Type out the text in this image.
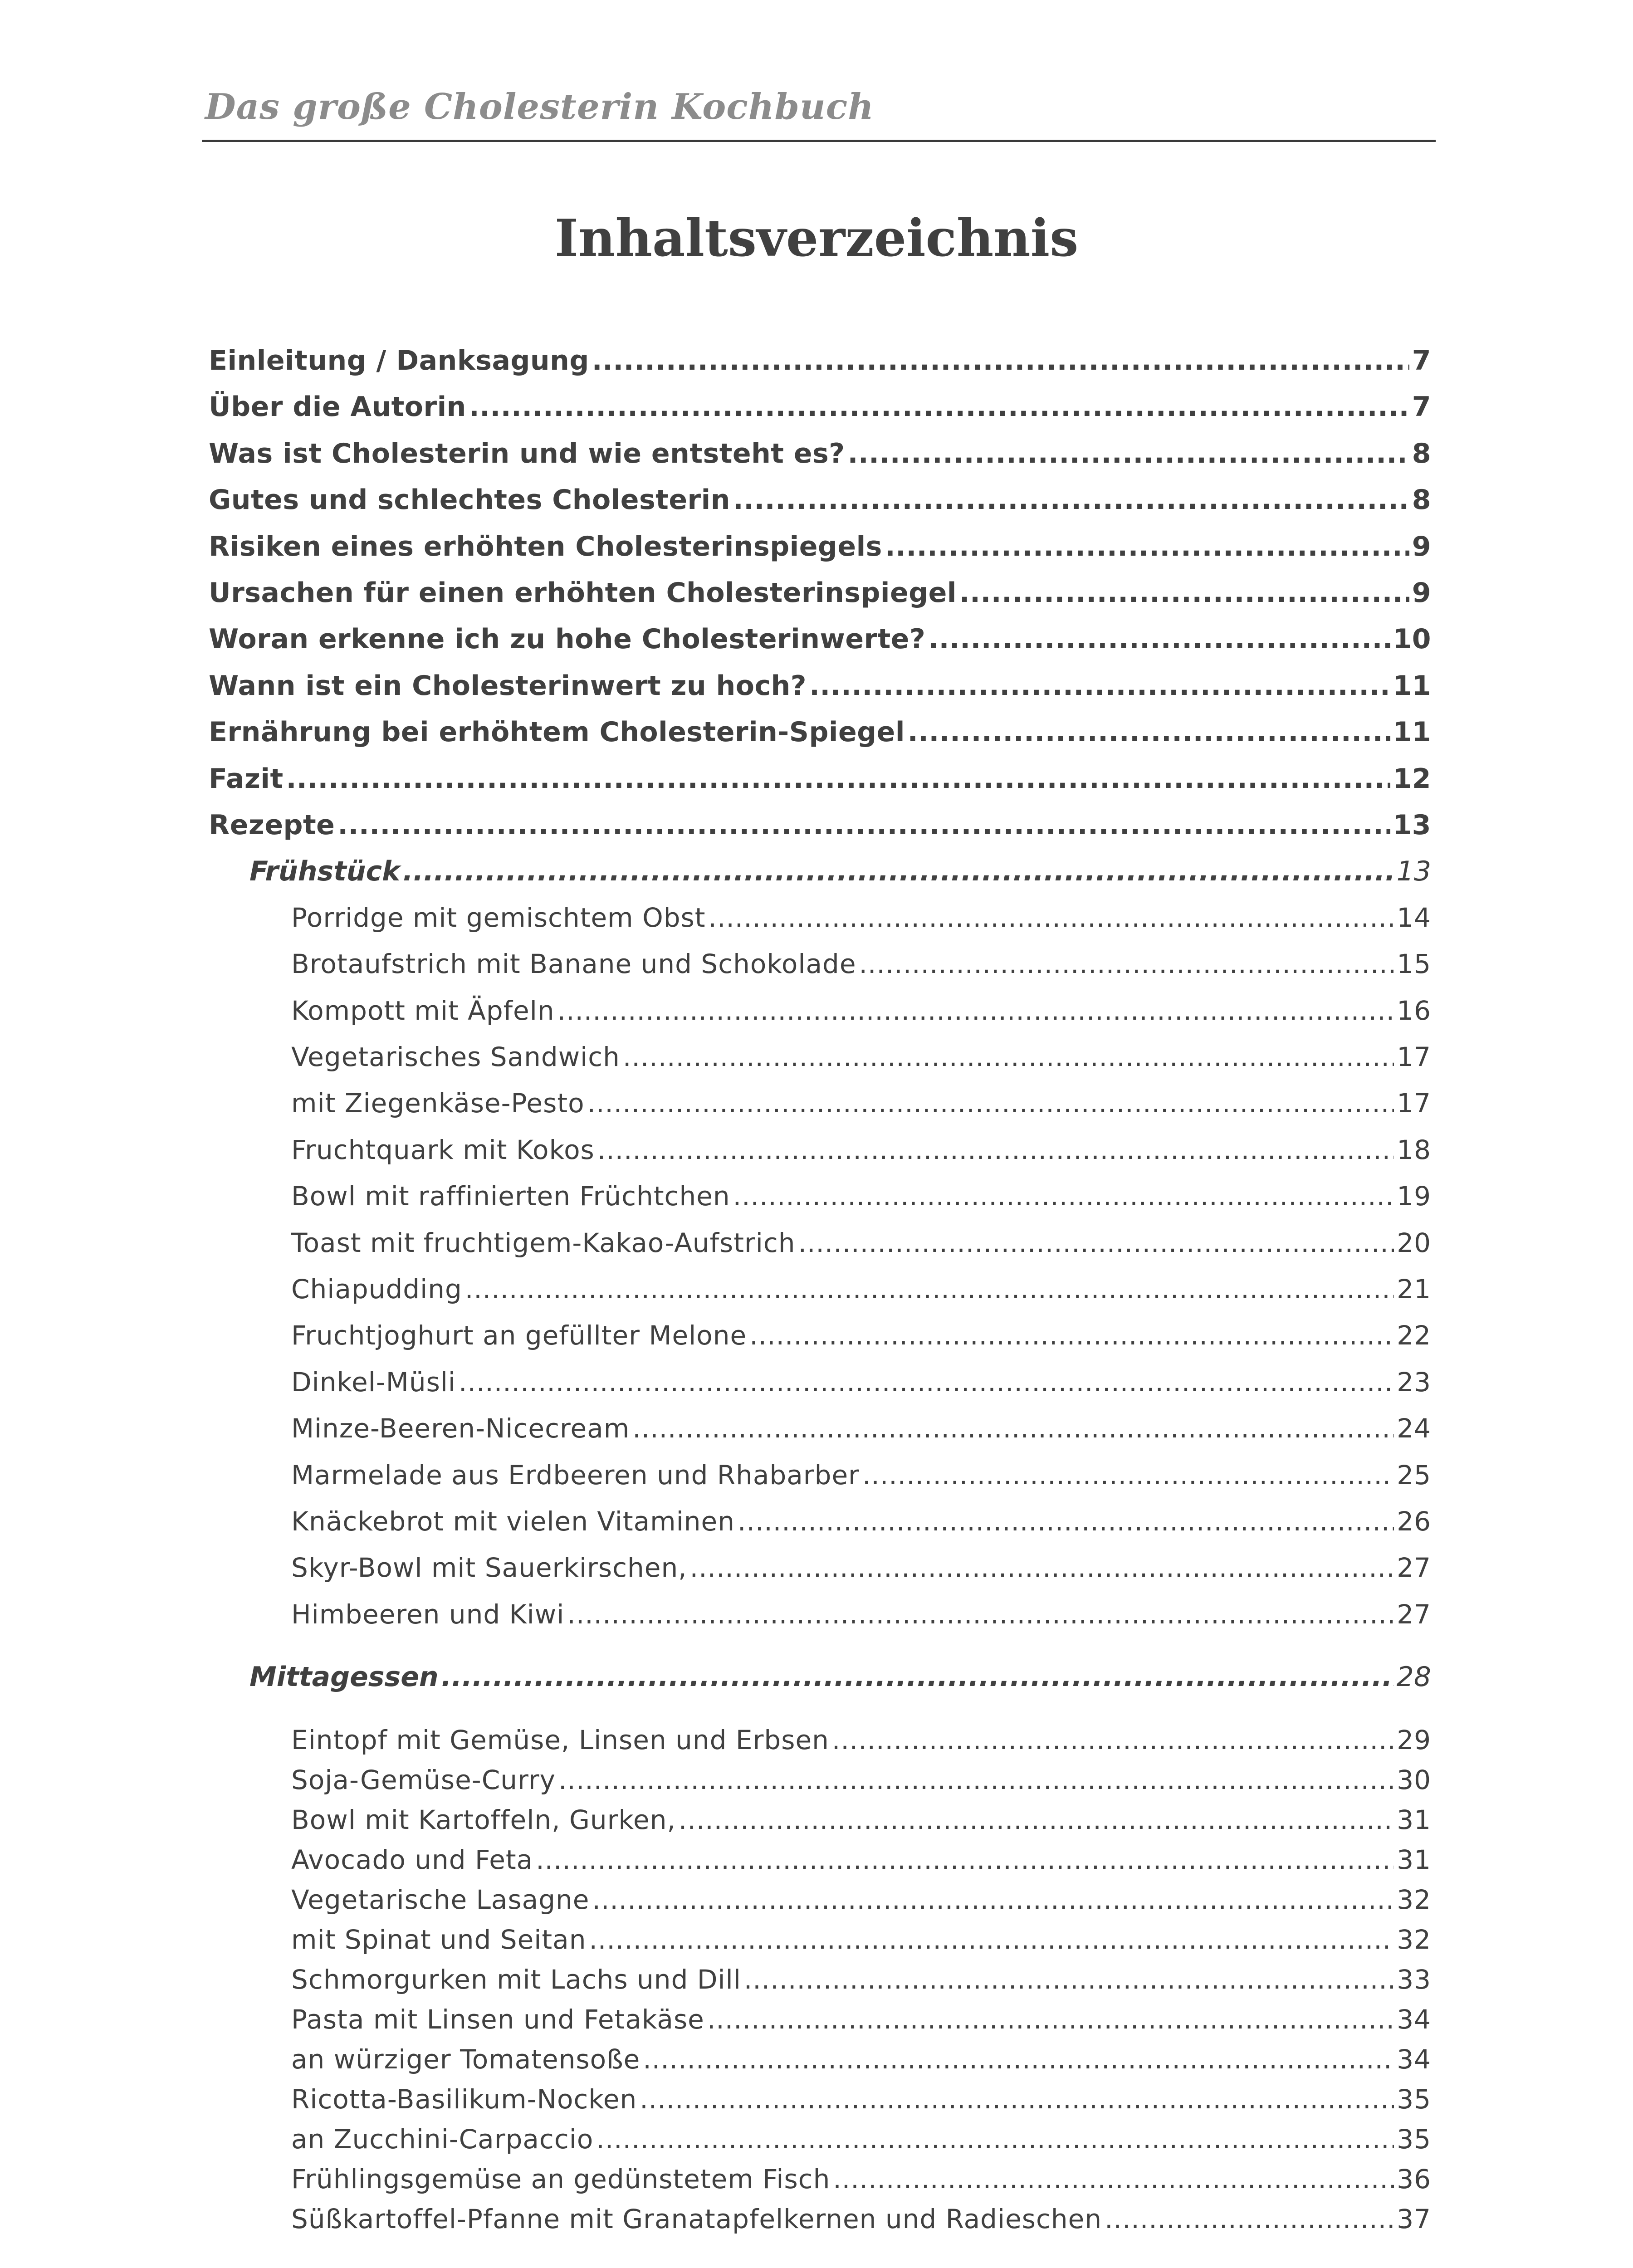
Das große Cholesterin Kochbuch
Inhaltsverzeichnis
Einleitung / Danksagung .....	7
Über die Autorin .....	7
Was ist Cholesterin und wie entsteht es? .....	8
Gutes und schlechtes Cholesterin .....	8
Risiken eines erhöhten Cholesterinspiegels .....	9
Ursachen für einen erhöhten Cholesterinspiegel .....	9
Woran erkenne ich zu hohe Cholesterinwerte? .....	10
Wann ist ein Cholesterinwert zu hoch? .....	11
Ernährung bei erhöhtem Cholesterin-Spiegel .....	11
Fazit .....	12
Rezepte .....	13
Frühstück .....	13
Porridge mit gemischtem Obst .....	14
Brotaufstrich mit Banane und Schokolade .....	15
Kompott mit Äpfeln .....	16
Vegetarisches Sandwich .....	17
mit Ziegenkäse-Pesto .....	17
Fruchtquark mit Kokos .....	18
Bowl mit raffinierten Früchtchen .....	19
Toast mit fruchtigem-Kakao-Aufstrich .....	20
Chiapudding .....	21
Fruchtjoghurt an gefüllter Melone .....	22
Dinkel-Müsli .....	23
Minze-Beeren-Nicecream .....	24
Marmelade aus Erdbeeren und Rhabarber .....	25
Knäckebrot mit vielen Vitaminen .....	26
Skyr-Bowl mit Sauerkirschen, .....	27
Himbeeren und Kiwi .....	27
Mittagessen .....	28
Eintopf mit Gemüse, Linsen und Erbsen .....	29
Soja-Gemüse-Curry .....	30
Bowl mit Kartoffeln, Gurken, .....	31
Avocado und Feta .....	31
Vegetarische Lasagne .....	32
mit Spinat und Seitan .....	32
Schmorgurken mit Lachs und Dill .....	33
Pasta mit Linsen und Fetakäse .....	34
an würziger Tomatensoße .....	34
Ricotta-Basilikum-Nocken .....	35
an Zucchini-Carpaccio .....	35
Frühlingsgemüse an gedünstetem Fisch .....	36
Süßkartoffel-Pfanne mit Granatapfelkernen und Radieschen .....	37
